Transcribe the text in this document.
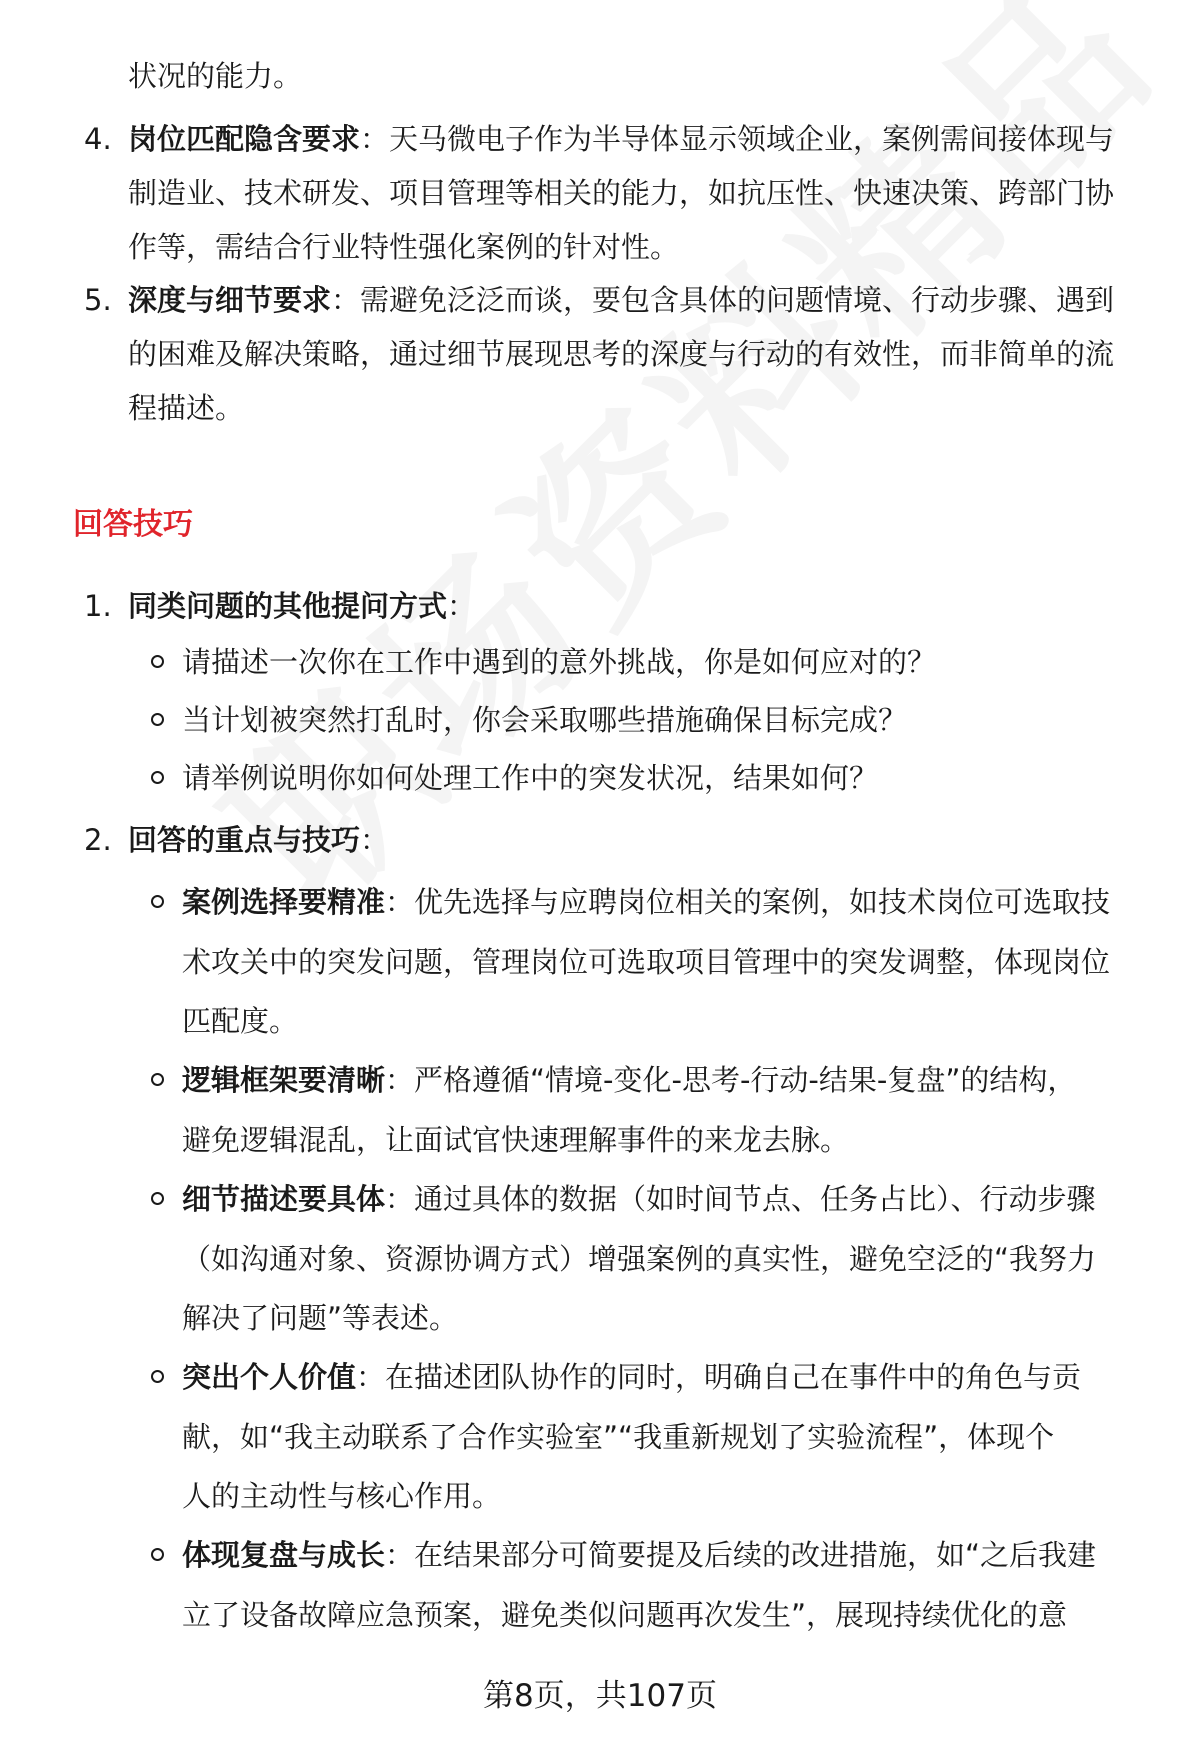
状况的能力。
4. 岗位匹配隐含要求：天马微电子作为半导体显示领域企业，案例需间接体现与
制造业、技术研发、项目管理等相关的能力，如抗压性、快速决策、跨部门协
作等，需结合行业特性强化案例的针对性。
5. 深度与细节要求：需避免泛泛而谈，要包含具体的问题情境、行动步骤、遇到
的困难及解决策略，通过细节展现思考的深度与行动的有效性，而非简单的流
程描述。
回答技巧
1. 同类问题的其他提问方式：
请描述一次你在工作中遇到的意外挑战，你是如何应对的？
当计划被突然打乱时，你会采取哪些措施确保目标完成？
请举例说明你如何处理工作中的突发状况，结果如何？
2. 回答的重点与技巧：
案例选择要精准：优先选择与应聘岗位相关的案例，如技术岗位可选取技
术攻关中的突发问题，管理岗位可选取项目管理中的突发调整，体现岗位
匹配度。
逻辑框架要清晰：严格遵循“情境-变化-思考-行动-结果-复盘”的结构，
避免逻辑混乱，让面试官快速理解事件的来龙去脉。
细节描述要具体：通过具体的数据（如时间节点、任务占比）、行动步骤
（如沟通对象、资源协调方式）增强案例的真实性，避免空泛的“我努力
解决了问题”等表述。
突出个人价值：在描述团队协作的同时，明确自己在事件中的角色与贡
献，如“我主动联系了合作实验室”“我重新规划了实验流程”，体现个
人的主动性与核心作用。
体现复盘与成长：在结果部分可简要提及后续的改进措施，如“之后我建
立了设备故障应急预案，避免类似问题再次发生”，展现持续优化的意
第8页，共107页
